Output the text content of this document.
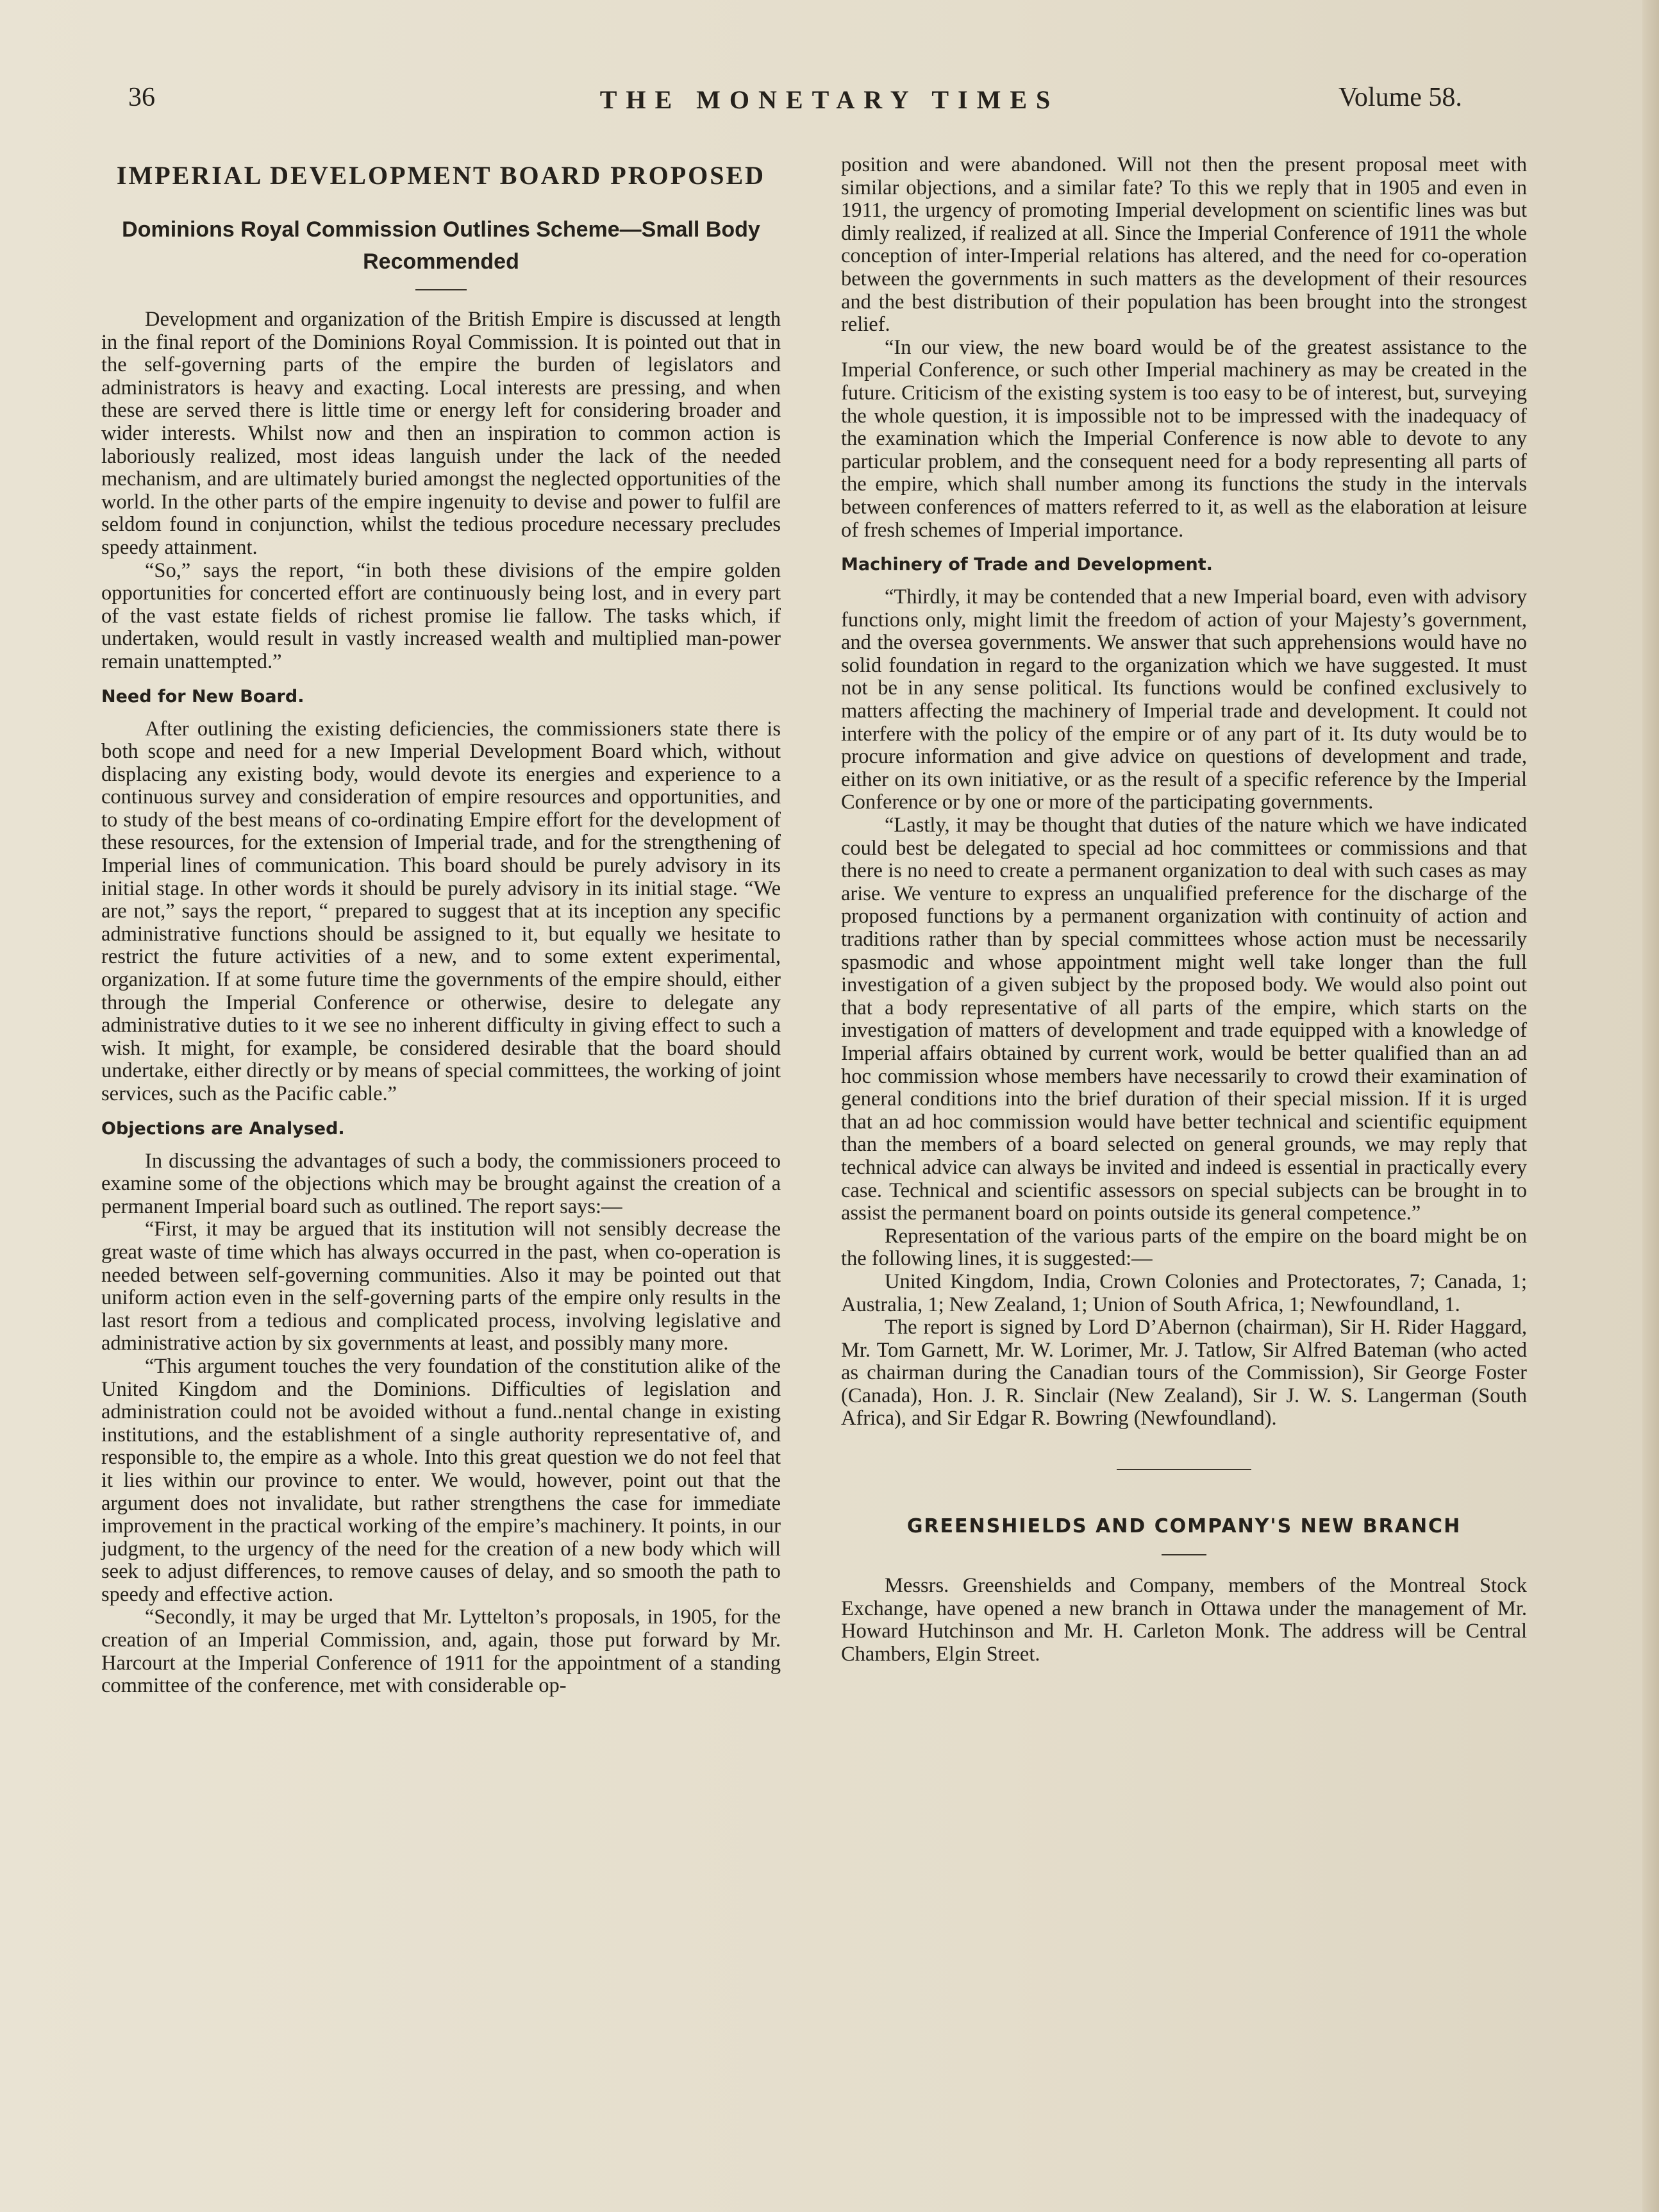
36	THE MONETARY TIMES	Volume 58.
IMPERIAL DEVELOPMENT BOARD PROPOSED
Dominions Royal Commission Outlines Scheme—Small Body Recommended

Development and organization of the British Empire is discussed at length in the final report of the Dominions Royal Commission. It is pointed out that in the self-governing parts of the empire the burden of legislators and administrators is heavy and exacting. Local interests are pressing, and when these are served there is little time or energy left for considering broader and wider interests. Whilst now and then an inspiration to common action is laboriously realized, most ideas languish under the lack of the needed mechanism, and are ultimately buried amongst the neglected opportunities of the world. In the other parts of the empire ingenuity to devise and power to fulfil are seldom found in conjunction, whilst the tedious procedure necessary precludes speedy attainment.

“So,” says the report, “in both these divisions of the empire golden opportunities for concerted effort are continuously being lost, and in every part of the vast estate fields of richest promise lie fallow. The tasks which, if undertaken, would result in vastly increased wealth and multiplied man-power remain unattempted.”

Need for New Board.

After outlining the existing deficiencies, the commissioners state there is both scope and need for a new Imperial Development Board which, without displacing any existing body, would devote its energies and experience to a continuous survey and consideration of empire resources and opportunities, and to study of the best means of co-ordinating Empire effort for the development of these resources, for the extension of Imperial trade, and for the strengthening of Imperial lines of communication. This board should be purely advisory in its initial stage. In other words it should be purely advisory in its initial stage. “We are not,” says the report, “ prepared to suggest that at its inception any specific administrative functions should be assigned to it, but equally we hesitate to restrict the future activities of a new, and to some extent experimental, organization. If at some future time the governments of the empire should, either through the Imperial Conference or otherwise, desire to delegate any administrative duties to it we see no inherent difficulty in giving effect to such a wish. It might, for example, be considered desirable that the board should undertake, either directly or by means of special committees, the working of joint services, such as the Pacific cable.”

Objections are Analysed.

In discussing the advantages of such a body, the commissioners proceed to examine some of the objections which may be brought against the creation of a permanent Imperial board such as outlined. The report says:—

“First, it may be argued that its institution will not sensibly decrease the great waste of time which has always occurred in the past, when co-operation is needed between self-governing communities. Also it may be pointed out that uniform action even in the self-governing parts of the empire only results in the last resort from a tedious and complicated process, involving legislative and administrative action by six governments at least, and possibly many more.

“This argument touches the very foundation of the constitution alike of the United Kingdom and the Dominions. Difficulties of legislation and administration could not be avoided without a fund..nental change in existing institutions, and the establishment of a single authority representative of, and responsible to, the empire as a whole. Into this great question we do not feel that it lies within our province to enter. We would, however, point out that the argument does not invalidate, but rather strengthens the case for immediate improvement in the practical working of the empire’s machinery. It points, in our judgment, to the urgency of the need for the creation of a new body which will seek to adjust differences, to remove causes of delay, and so smooth the path to speedy and effective action.

“Secondly, it may be urged that Mr. Lyttelton’s proposals, in 1905, for the creation of an Imperial Commission, and, again, those put forward by Mr. Harcourt at the Imperial Conference of 1911 for the appointment of a standing committee of the conference, met with considerable op-

position and were abandoned. Will not then the present proposal meet with similar objections, and a similar fate? To this we reply that in 1905 and even in 1911, the urgency of promoting Imperial development on scientific lines was but dimly realized, if realized at all. Since the Imperial Conference of 1911 the whole conception of inter-Imperial relations has altered, and the need for co-operation between the governments in such matters as the development of their resources and the best distribution of their population has been brought into the strongest relief.

“In our view, the new board would be of the greatest assistance to the Imperial Conference, or such other Imperial machinery as may be created in the future. Criticism of the existing system is too easy to be of interest, but, surveying the whole question, it is impossible not to be impressed with the inadequacy of the examination which the Imperial Conference is now able to devote to any particular problem, and the consequent need for a body representing all parts of the empire, which shall number among its functions the study in the intervals between conferences of matters referred to it, as well as the elaboration at leisure of fresh schemes of Imperial importance.

Machinery of Trade and Development.

“Thirdly, it may be contended that a new Imperial board, even with advisory functions only, might limit the freedom of action of your Majesty’s government, and the oversea governments. We answer that such apprehensions would have no solid foundation in regard to the organization which we have suggested. It must not be in any sense political. Its functions would be confined exclusively to matters affecting the machinery of Imperial trade and development. It could not interfere with the policy of the empire or of any part of it. Its duty would be to procure information and give advice on questions of development and trade, either on its own initiative, or as the result of a specific reference by the Imperial Conference or by one or more of the participating governments.

“Lastly, it may be thought that duties of the nature which we have indicated could best be delegated to special ad hoc committees or commissions and that there is no need to create a permanent organization to deal with such cases as may arise. We venture to express an unqualified preference for the discharge of the proposed functions by a permanent organization with continuity of action and traditions rather than by special committees whose action must be necessarily spasmodic and whose appointment might well take longer than the full investigation of a given subject by the proposed body. We would also point out that a body representative of all parts of the empire, which starts on the investigation of matters of development and trade equipped with a knowledge of Imperial affairs obtained by current work, would be better qualified than an ad hoc commission whose members have necessarily to crowd their examination of general conditions into the brief duration of their special mission. If it is urged that an ad hoc commission would have better technical and scientific equipment than the members of a board selected on general grounds, we may reply that technical advice can always be invited and indeed is essential in practically every case. Technical and scientific assessors on special subjects can be brought in to assist the permanent board on points outside its general competence.”

Representation of the various parts of the empire on the board might be on the following lines, it is suggested:—

United Kingdom, India, Crown Colonies and Protectorates, 7; Canada, 1; Australia, 1; New Zealand, 1; Union of South Africa, 1; Newfoundland, 1.

The report is signed by Lord D’Abernon (chairman), Sir H. Rider Haggard, Mr. Tom Garnett, Mr. W. Lorimer, Mr. J. Tatlow, Sir Alfred Bateman (who acted as chairman during the Canadian tours of the Commission), Sir George Foster (Canada), Hon. J. R. Sinclair (New Zealand), Sir J. W. S. Langerman (South Africa), and Sir Edgar R. Bowring (Newfoundland).

GREENSHIELDS AND COMPANY'S NEW BRANCH

Messrs. Greenshields and Company, members of the Montreal Stock Exchange, have opened a new branch in Ottawa under the management of Mr. Howard Hutchinson and Mr. H. Carleton Monk. The address will be Central Chambers, Elgin Street.
